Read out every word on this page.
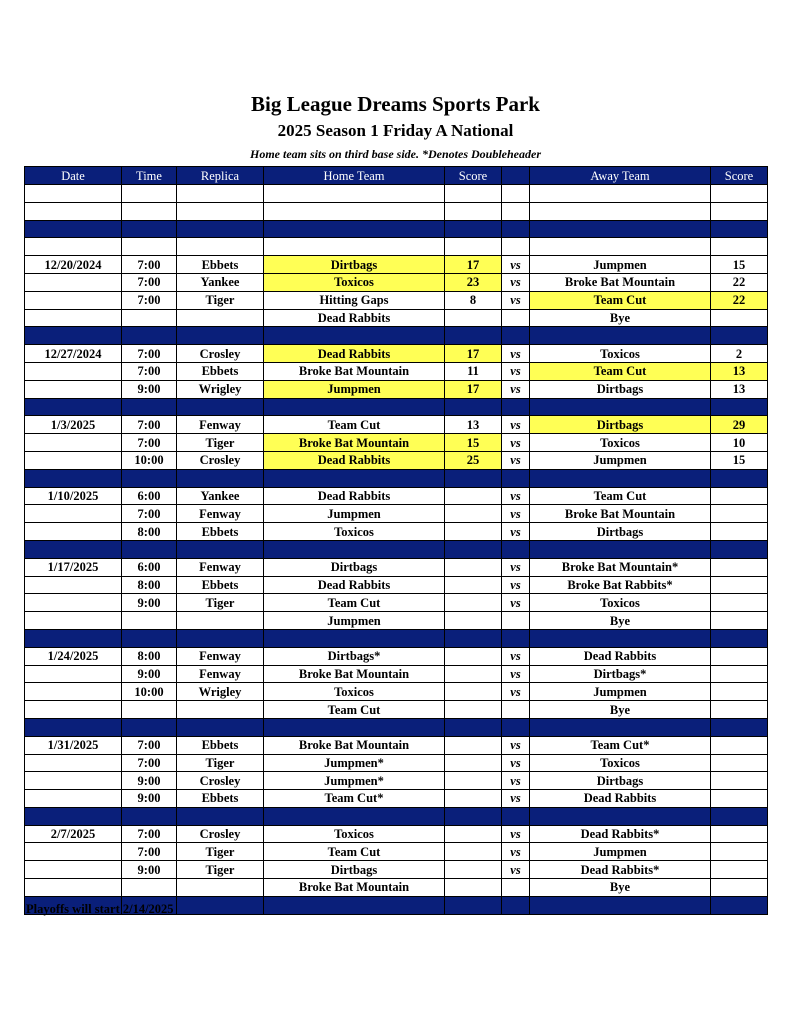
Big League Dreams Sports Park
2025 Season 1 Friday A National
Home team sits on third base side. *Denotes Doubleheader
Date	Time	Replica	Home Team	Score		Away Team	Score

12/20/2024	7:00	Ebbets	Dirtbags	17	vs	Jumpmen	15
	7:00	Yankee	Toxicos	23	vs	Broke Bat Mountain	22
	7:00	Tiger	Hitting Gaps	8	vs	Team Cut	22
			Dead Rabbits			Bye	

12/27/2024	7:00	Crosley	Dead Rabbits	17	vs	Toxicos	2
	7:00	Ebbets	Broke Bat Mountain	11	vs	Team Cut	13
	9:00	Wrigley	Jumpmen	17	vs	Dirtbags	13

1/3/2025	7:00	Fenway	Team Cut	13	vs	Dirtbags	29
	7:00	Tiger	Broke Bat Mountain	15	vs	Toxicos	10
	10:00	Crosley	Dead Rabbits	25	vs	Jumpmen	15

1/10/2025	6:00	Yankee	Dead Rabbits		vs	Team Cut	
	7:00	Fenway	Jumpmen		vs	Broke Bat Mountain	
	8:00	Ebbets	Toxicos		vs	Dirtbags	

1/17/2025	6:00	Fenway	Dirtbags		vs	Broke Bat Mountain*	
	8:00	Ebbets	Dead Rabbits		vs	Broke Bat Rabbits*	
	9:00	Tiger	Team Cut		vs	Toxicos	
			Jumpmen			Bye	

1/24/2025	8:00	Fenway	Dirtbags*		vs	Dead Rabbits	
	9:00	Fenway	Broke Bat Mountain		vs	Dirtbags*	
	10:00	Wrigley	Toxicos		vs	Jumpmen	
			Team Cut			Bye	

1/31/2025	7:00	Ebbets	Broke Bat Mountain		vs	Team Cut*	
	7:00	Tiger	Jumpmen*		vs	Toxicos	
	9:00	Crosley	Jumpmen*		vs	Dirtbags	
	9:00	Ebbets	Team Cut*		vs	Dead Rabbits	

2/7/2025	7:00	Crosley	Toxicos		vs	Dead Rabbits*	
	7:00	Tiger	Team Cut		vs	Jumpmen	
	9:00	Tiger	Dirtbags		vs	Dead Rabbits*	
			Broke Bat Mountain			Bye	

Playoffs will start 2/14/2025
